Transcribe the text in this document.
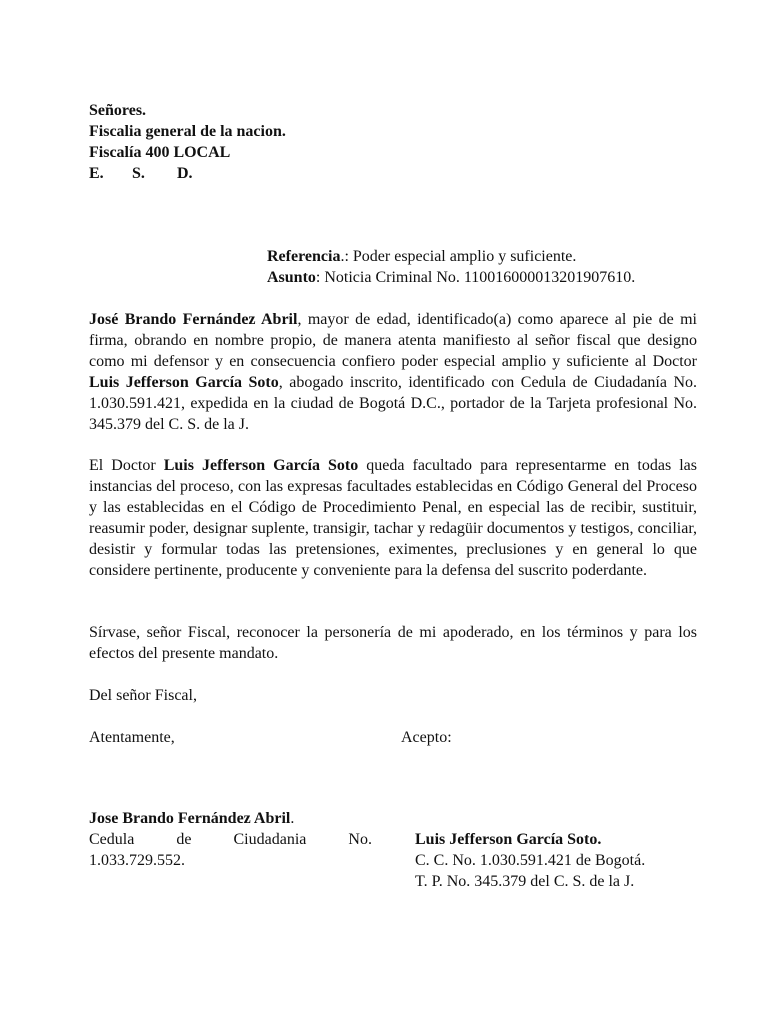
Señores.
Fiscalia general de la nacion.
Fiscalía 400 LOCAL
E. S. D.
Referencia.: Poder especial amplio y suficiente.
Asunto: Noticia Criminal No. 11001600001320190761​0.
José Brando Fernández Abril, mayor de edad, identificado(a) como aparece al pie de mi firma, obrando en nombre propio, de manera atenta manifiesto al señor fiscal que designo como mi defensor y en consecuencia confiero poder especial amplio y suficiente al Doctor Luis Jefferson García Soto, abogado inscrito, identificado con Cedula de Ciudadanía No. 1.030.591.421, expedida en la ciudad de Bogotá D.C., portador de la Tarjeta profesional No. 345.379 del C. S. de la J.
El Doctor Luis Jefferson García Soto queda facultado para representarme en todas las instancias del proceso, con las expresas facultades establecidas en Código General del Proceso y las establecidas en el Código de Procedimiento Penal, en especial las de recibir, sustituir, reasumir poder, designar suplente, transigir, tachar y redagüir documentos y testigos, conciliar, desistir y formular todas las pretensiones, eximentes, preclusiones y en general lo que considere pertinente, producente y conveniente para la defensa del suscrito poderdante.
Sírvase, señor Fiscal, reconocer la personería de mi apoderado, en los términos y para los efectos del presente mandato.
Del señor Fiscal,
Atentamente,	Acepto:
Jose Brando Fernández Abril.
Cedula	de	Ciudadania	No.
1.033.729.552.
Luis Jefferson García Soto.
C. C. No. 1.030.591.421 de Bogotá.
T. P. No. 345.379 del C. S. de la J.
